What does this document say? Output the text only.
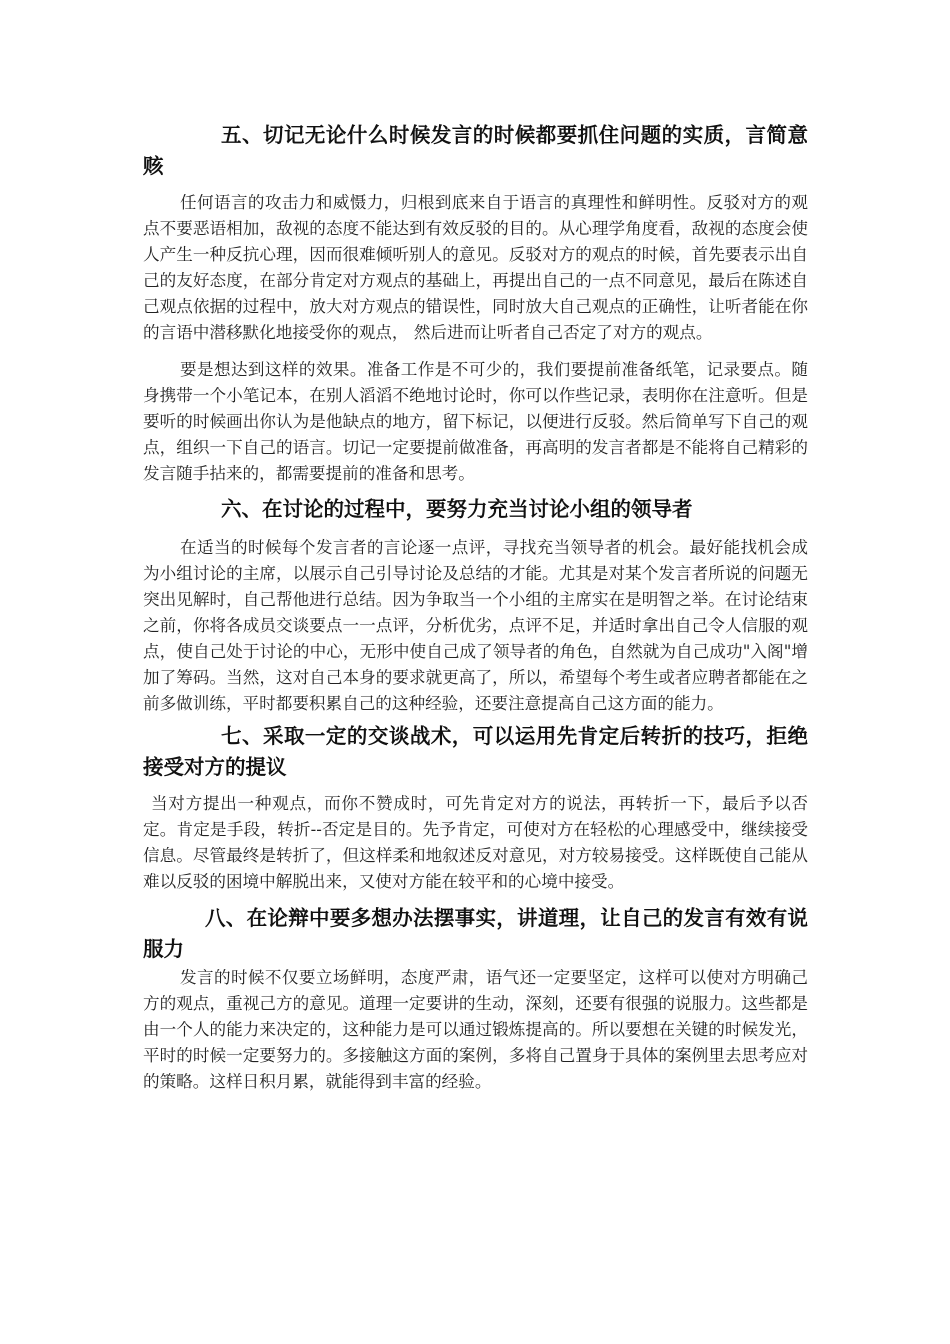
五、切记无论什么时候发言的时候都要抓住问题的实质，言简意赅

任何语言的攻击力和威慑力，归根到底来自于语言的真理性和鲜明性。反驳对方的观点不要恶语相加，敌视的态度不能达到有效反驳的目的。从心理学角度看，敌视的态度会使人产生一种反抗心理，因而很难倾听别人的意见。反驳对方的观点的时候，首先要表示出自己的友好态度，在部分肯定对方观点的基础上，再提出自己的一点不同意见，最后在陈述自己观点依据的过程中，放大对方观点的错误性，同时放大自己观点的正确性，让听者能在你的言语中潜移默化地接受你的观点， 然后进而让听者自己否定了对方的观点。

要是想达到这样的效果。准备工作是不可少的，我们要提前准备纸笔，记录要点。随身携带一个小笔记本，在别人滔滔不绝地讨论时，你可以作些记录，表明你在注意听。但是要听的时候画出你认为是他缺点的地方，留下标记，以便进行反驳。然后简单写下自己的观点，组织一下自己的语言。切记一定要提前做准备，再高明的发言者都是不能将自己精彩的发言随手拈来的，都需要提前的准备和思考。

六、在讨论的过程中，要努力充当讨论小组的领导者

在适当的时候每个发言者的言论逐一点评，寻找充当领导者的机会。最好能找机会成为小组讨论的主席，以展示自己引导讨论及总结的才能。尤其是对某个发言者所说的问题无突出见解时，自己帮他进行总结。因为争取当一个小组的主席实在是明智之举。在讨论结束之前，你将各成员交谈要点一一点评，分析优劣，点评不足，并适时拿出自己令人信服的观点，使自己处于讨论的中心，无形中使自己成了领导者的角色，自然就为自己成功"入阁"增加了筹码。当然，这对自己本身的要求就更高了，所以，希望每个考生或者应聘者都能在之前多做训练，平时都要积累自己的这种经验，还要注意提高自己这方面的能力。

七、采取一定的交谈战术，可以运用先肯定后转折的技巧，拒绝接受对方的提议

当对方提出一种观点，而你不赞成时，可先肯定对方的说法，再转折一下，最后予以否定。肯定是手段，转折--否定是目的。先予肯定，可使对方在轻松的心理感受中，继续接受信息。尽管最终是转折了，但这样柔和地叙述反对意见，对方较易接受。这样既使自己能从难以反驳的困境中解脱出来，又使对方能在较平和的心境中接受。

八、在论辩中要多想办法摆事实，讲道理，让自己的发言有效有说服力

发言的时候不仅要立场鲜明，态度严肃，语气还一定要坚定，这样可以使对方明确己方的观点，重视己方的意见。道理一定要讲的生动，深刻，还要有很强的说服力。这些都是由一个人的能力来决定的，这种能力是可以通过锻炼提高的。所以要想在关键的时候发光，平时的时候一定要努力的。多接触这方面的案例，多将自己置身于具体的案例里去思考应对的策略。这样日积月累，就能得到丰富的经验。
